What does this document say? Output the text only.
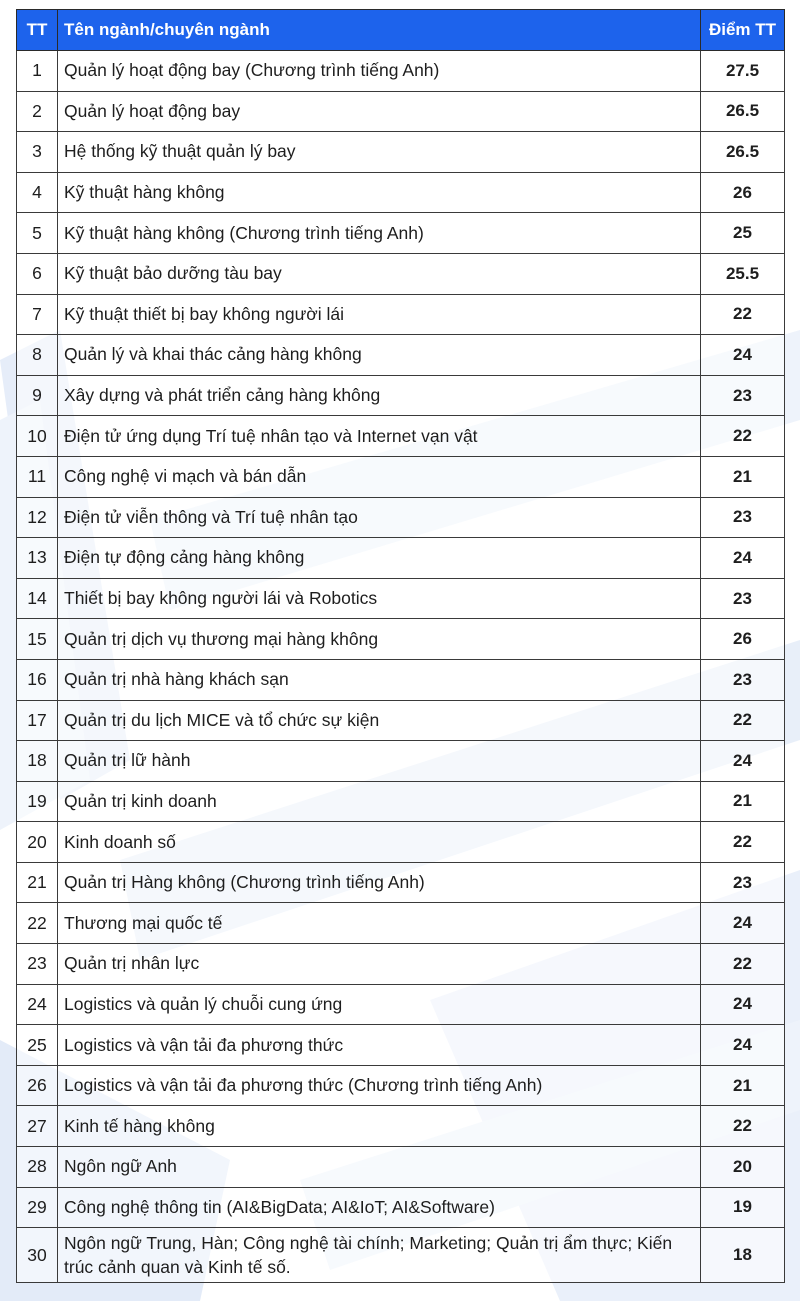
TT	Tên ngành/chuyên ngành	Điểm TT
1	Quản lý hoạt động bay (Chương trình tiếng Anh)	27.5
2	Quản lý hoạt động bay	26.5
3	Hệ thống kỹ thuật quản lý bay	26.5
4	Kỹ thuật hàng không	26
5	Kỹ thuật hàng không (Chương trình tiếng Anh)	25
6	Kỹ thuật bảo dưỡng tàu bay	25.5
7	Kỹ thuật thiết bị bay không người lái	22
8	Quản lý và khai thác cảng hàng không	24
9	Xây dựng và phát triển cảng hàng không	23
10	Điện tử ứng dụng Trí tuệ nhân tạo và Internet vạn vật	22
11	Công nghệ vi mạch và bán dẫn	21
12	Điện tử viễn thông và Trí tuệ nhân tạo	23
13	Điện tự động cảng hàng không	24
14	Thiết bị bay không người lái và Robotics	23
15	Quản trị dịch vụ thương mại hàng không	26
16	Quản trị nhà hàng khách sạn	23
17	Quản trị du lịch MICE và tổ chức sự kiện	22
18	Quản trị lữ hành	24
19	Quản trị kinh doanh	21
20	Kinh doanh số	22
21	Quản trị Hàng không (Chương trình tiếng Anh)	23
22	Thương mại quốc tế	24
23	Quản trị nhân lực	22
24	Logistics và quản lý chuỗi cung ứng	24
25	Logistics và vận tải đa phương thức	24
26	Logistics và vận tải đa phương thức (Chương trình tiếng Anh)	21
27	Kinh tế hàng không	22
28	Ngôn ngữ Anh	20
29	Công nghệ thông tin (AI&BigData; AI&IoT; AI&Software)	19
30	Ngôn ngữ Trung, Hàn; Công nghệ tài chính; Marketing; Quản trị ẩm thực; Kiến trúc cảnh quan và Kinh tế số.	18
